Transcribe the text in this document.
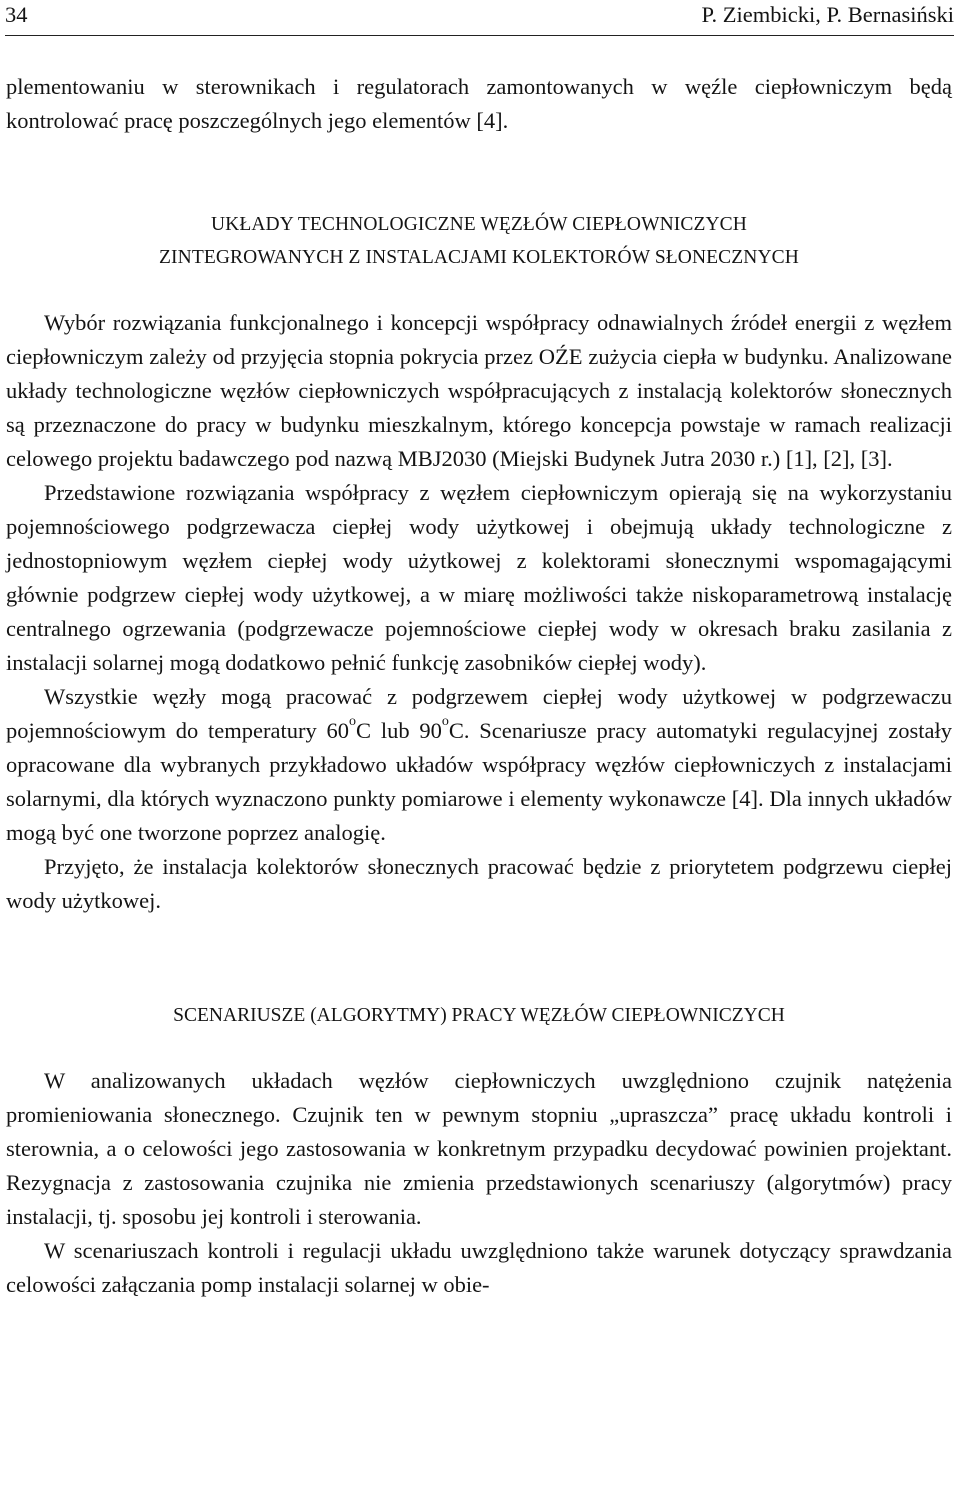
34	P. Ziembicki, P. Bernasiński

plementowaniu w sterownikach i regulatorach zamontowanych w węźle ciepłowniczym będą kontrolować pracę poszczególnych jego elementów [4].

UKŁADY TECHNOLOGICZNE WĘZŁÓW CIEPŁOWNICZYCH
ZINTEGROWANYCH Z INSTALACJAMI KOLEKTORÓW SŁONECZNYCH

Wybór rozwiązania funkcjonalnego i koncepcji współpracy odnawialnych źródeł energii z węzłem ciepłowniczym zależy od przyjęcia stopnia pokrycia przez OŹE zużycia ciepła w budynku. Analizowane układy technologiczne węzłów ciepłowniczych współpracujących z instalacją kolektorów słonecznych są przeznaczone do pracy w budynku mieszkalnym, którego koncepcja powstaje w ramach realizacji celowego projektu badawczego pod nazwą MBJ2030 (Miejski Budynek Jutra 2030 r.) [1], [2], [3].

Przedstawione rozwiązania współpracy z węzłem ciepłowniczym opierają się na wykorzystaniu pojemnościowego podgrzewacza ciepłej wody użytkowej i obejmują układy technologiczne z jednostopniowym węzłem ciepłej wody użytkowej z kolektorami słonecznymi wspomagającymi głównie podgrzew ciepłej wody użytkowej, a w miarę możliwości także niskoparametrową instalację centralnego ogrzewania (podgrzewacze pojemnościowe ciepłej wody w okresach braku zasilania z instalacji solarnej mogą dodatkowo pełnić funkcję zasobników ciepłej wody).

Wszystkie węzły mogą pracować z podgrzewem ciepłej wody użytkowej w podgrzewaczu pojemnościowym do temperatury 60$^o$C lub 90$^o$C. Scenariusze pracy automatyki regulacyjnej zostały opracowane dla wybranych przykładowo układów współpracy węzłów ciepłowniczych z instalacjami solarnymi, dla których wyznaczono punkty pomiarowe i elementy wykonawcze [4]. Dla innych układów mogą być one tworzone poprzez analogię.

Przyjęto, że instalacja kolektorów słonecznych pracować będzie z priorytetem podgrzewu ciepłej wody użytkowej.

SCENARIUSZE (ALGORYTMY) PRACY WĘZŁÓW CIEPŁOWNICZYCH

W analizowanych układach węzłów ciepłowniczych uwzględniono czujnik natężenia promieniowania słonecznego. Czujnik ten w pewnym stopniu „upraszcza” pracę układu kontroli i sterownia, a o celowości jego zastosowania w konkretnym przypadku decydować powinien projektant. Rezygnacja z zastosowania czujnika nie zmienia przedstawionych scenariuszy (algorytmów) pracy instalacji, tj. sposobu jej kontroli i sterowania.

W scenariuszach kontroli i regulacji układu uwzględniono także warunek dotyczący sprawdzania celowości załączania pomp instalacji solarnej w obie-
